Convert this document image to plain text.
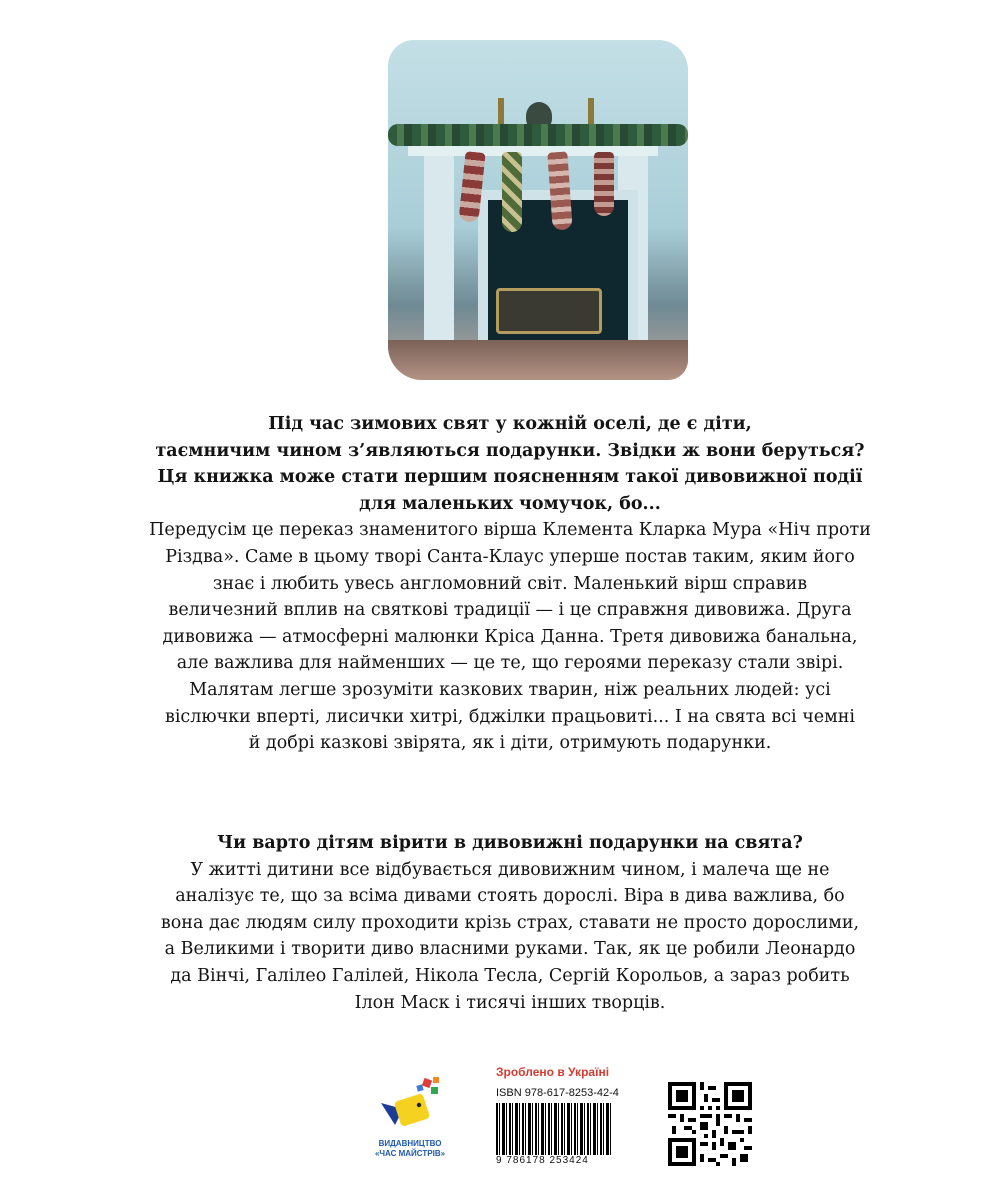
Під час зимових свят у кожній оселі, де є діти,
таємничим чином з’являються подарунки. Звідки ж вони беруться?
Ця книжка може стати першим поясненням такої дивовижної події
для маленьких чомучок, бо...
Передусім це переказ знаменитого вірша Клемента Кларка Мура «Ніч проти
Різдва». Саме в цьому творі Санта-Клаус уперше постав таким, яким його
знає і любить увесь англомовний світ. Маленький вірш справив
величезний вплив на святкові традиції — і це справжня дивовижа. Друга
дивовижа — атмосферні малюнки Кріса Данна. Третя дивовижа банальна,
але важлива для найменших — це те, що героями переказу стали звірі.
Малятам легше зрозуміти казкових тварин, ніж реальних людей: усі
віслючки вперті, лисички хитрі, бджілки працьовиті... І на свята всі чемні
й добрі казкові звірята, як і діти, отримують подарунки.

Чи варто дітям вірити в дивовижні подарунки на свята?
У житті дитини все відбувається дивовижним чином, і малеча ще не
аналізує те, що за всіма дивами стоять дорослі. Віра в дива важлива, бо
вона дає людям силу проходити крізь страх, ставати не просто дорослими,
а Великими і творити диво власними руками. Так, як це робили Леонардо
да Вінчі, Галілео Галілей, Нікола Тесла, Сергій Корольов, а зараз робить
Ілон Маск і тисячі інших творців.

ВИДАВНИЦТВО
«ЧАС МАЙСТРІВ»
Зроблено в Україні
ISBN 978-617-8253-42-4
9 786178 253424
